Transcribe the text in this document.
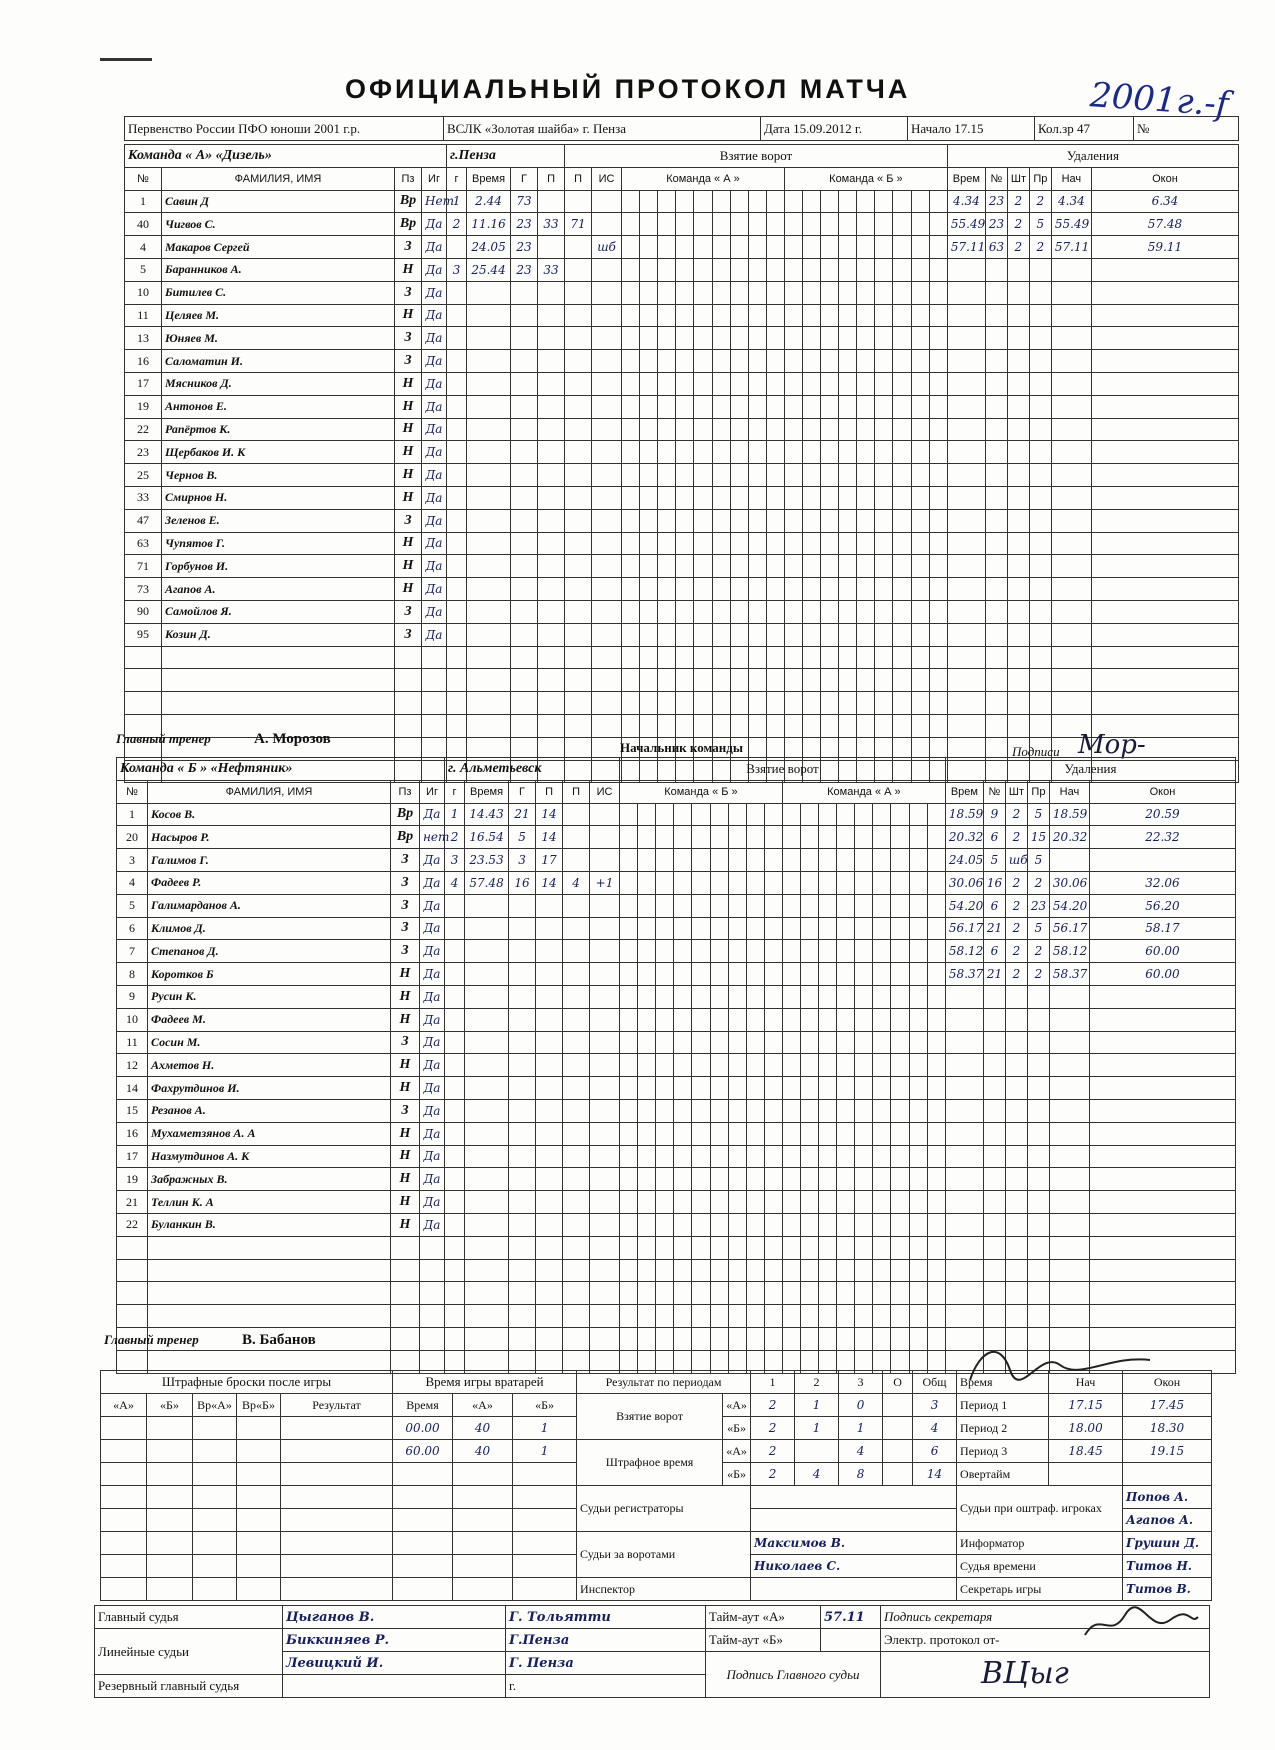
ОФИЦИАЛЬНЫЙ ПРОТОКОЛ МАТЧА	2001г.-f
Первенство России ПФО юноши 2001 г.р.	ВСЛК «Золотая шайба» г. Пенза	Дата 15.09.2012 г.	Начало 17.15	Кол.зр 47	№
Команда « А» «Дизель»				г.Пенза				Взятие ворот																				Удаления					
№	ФАМИЛИЯ, ИМЯ	Пз	Иг	г	Время	Г	П	П	ИС	Команда « А »									Команда « Б »									Врем	№	Шт	Пр	Нач	Окон
1	Савин Д	Вр	Нет	1	2.44	73																						4.34	23	2	2	4.34	6.34
40	Чигвов С.	Вр	Да	2	11.16	23	33	71																				55.49	23	2	5	55.49	57.48
4	Макаров Сергей	З	Да		24.05	23			шб																			57.11	63	2	2	57.11	59.11
5	Баранников А.	Н	Да	3	25.44	23	33																										
10	Битилев С.	З	Да																														
11	Целяев М.	Н	Да																														
13	Юняев М.	З	Да																														
16	Саломатин И.	З	Да																														
17	Мясников Д.	Н	Да																														
19	Антонов Е.	Н	Да																														
22	Рапёртов К.	Н	Да																														
23	Щербаков И. К	Н	Да																														
25	Чернов В.	Н	Да																														
33	Смирнов Н.	Н	Да																														
47	Зеленов Е.	З	Да																														
63	Чупятов Г.	Н	Да																														
71	Горбунов И.	Н	Да																														
73	Агапов А.	Н	Да																														
90	Самойлов Я.	З	Да																														
95	Козин Д.	З	Да																														

Главный тренер	А. Морозов
Начальник команды	Подписи Мор-
Команда « Б » «Нефтяник»				г. Альметьевск						Взятие ворот																		Удаления					
№	ФАМИЛИЯ, ИМЯ	Пз	Иг	г	Время	Г	П	П	ИС	Команда « Б »									Команда « А »									Врем	№	Шт	Пр	Нач	Окон
1	Косов В.	Вр	Да	1	14.43	21	14																					18.59	9	2	5	18.59	20.59
20	Насыров Р.	Вр	нет	2	16.54	5	14																					20.32	6	2	15	20.32	22.32
3	Галимов Г.	З	Да	3	23.53	3	17																					24.05	5	шб	5		
4	Фадеев Р.	З	Да	4	57.48	16	14	4	+1																			30.06	16	2	2	30.06	32.06
5	Галимарданов А.	З	Да																									54.20	6	2	23	54.20	56.20
6	Климов Д.	З	Да																									56.17	21	2	5	56.17	58.17
7	Степанов Д.	З	Да																									58.12	6	2	2	58.12	60.00
8	Коротков Б	Н	Да																									58.37	21	2	2	58.37	60.00
9	Русин К.	Н	Да																														
10	Фадеев М.	Н	Да																														
11	Сосин М.	З	Да																														
12	Ахметов Н.	Н	Да																														
14	Фахрутдинов И.	Н	Да																														
15	Резанов А.	З	Да																														
16	Мухаметзянов А. А	Н	Да																														
17	Назмутдинов А. К	Н	Да																														
19	Забражных В.	Н	Да																														
21	Теллин К. А	Н	Да																														
22	Буланкин В.	Н	Да																														

Главный тренер	В. Бабанов
Штрафные броски после игры					Время игры вратарей			Результат по периодам		1	2	3	О	Общ	Время	Нач	Окон
«А»	«Б»	Вр«А»	Вр«Б»	Результат	Время	«А»	«Б»	Взятие ворот	«А»	2	1	0		3	Период 1	17.15	17.45
					00.00	40	1		«Б»	2	1	1		4	Период 2	18.00	18.30
					60.00	40	1	Штрафное время	«А»	2		4		6	Период 3	18.45	19.15
									«Б»	2	4	8		14	Овертайм		
								Судьи регистраторы							Судьи при оштраф. игроках		Попов А.
																	Агапов А.
								Судьи за воротами		Максимов В.					Информатор		Грушин Д.
										Николаев С.					Судья времени		Титов Н.
								Инспектор							Секретарь игры		Титов В.
Главный судья	Цыганов В.	Г. Тольятти	Тайм-аут «А»	57.11	Подпись секретаря
Линейные судьи	Биккиняев Р.	Г.Пенза	Тайм-аут «Б»		Электр. протокол от-
	Левицкий И.	Г. Пенза	Подпись Главного судьи		ВЦыг

Резервный главный судья		г.			
